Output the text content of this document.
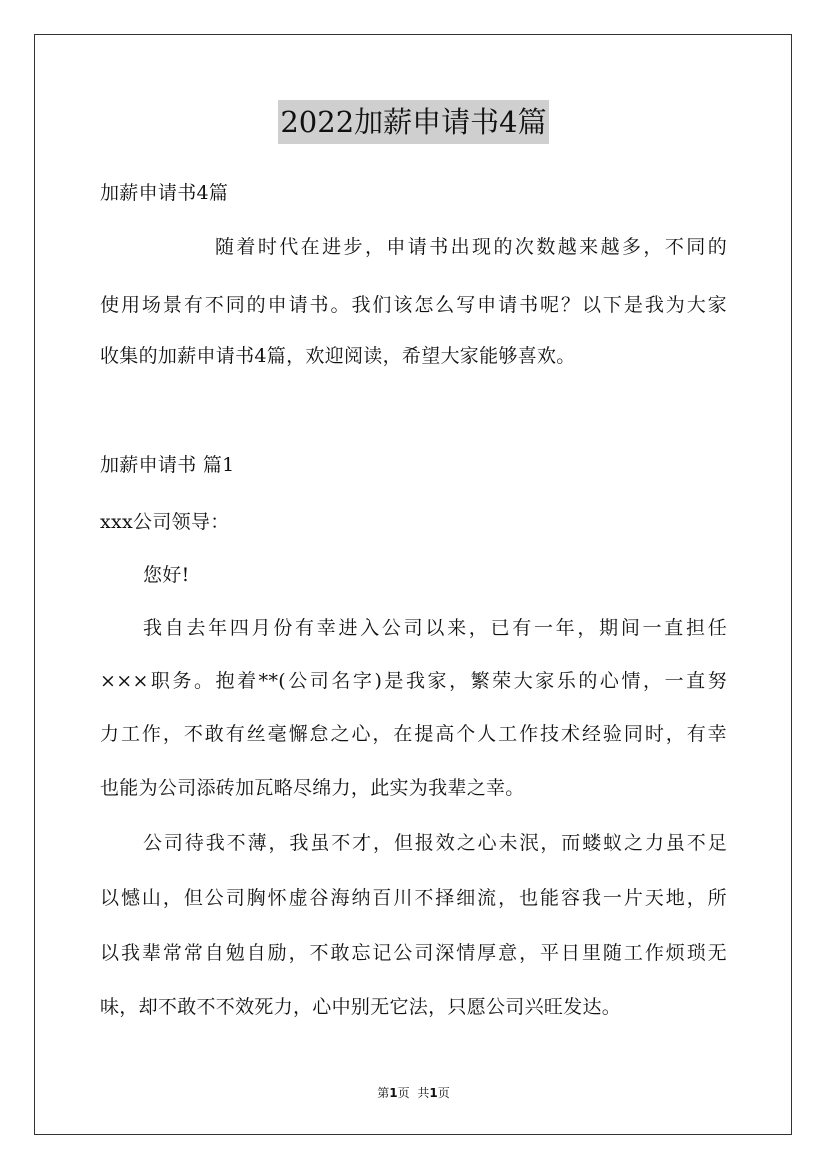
2022加薪申请书4篇

加薪申请书4篇

随着时代在进步，申请书出现的次数越来越多，不同的

使用场景有不同的申请书。我们该怎么写申请书呢？以下是我为大家

收集的加薪申请书4篇，欢迎阅读，希望大家能够喜欢。

加薪申请书 篇1

xxx公司领导：

您好!

我自去年四月份有幸进入公司以来，已有一年，期间一直担任

×××职务。抱着**(公司名字)是我家，繁荣大家乐的心情，一直努

力工作，不敢有丝毫懈怠之心，在提高个人工作技术经验同时，有幸

也能为公司添砖加瓦略尽绵力，此实为我辈之幸。

公司待我不薄，我虽不才，但报效之心未泯，而蝼蚁之力虽不足

以憾山，但公司胸怀虚谷海纳百川不择细流，也能容我一片天地，所

以我辈常常自勉自励，不敢忘记公司深情厚意，平日里随工作烦琐无

味，却不敢不不效死力，心中别无它法，只愿公司兴旺发达。

第1页 共1页
